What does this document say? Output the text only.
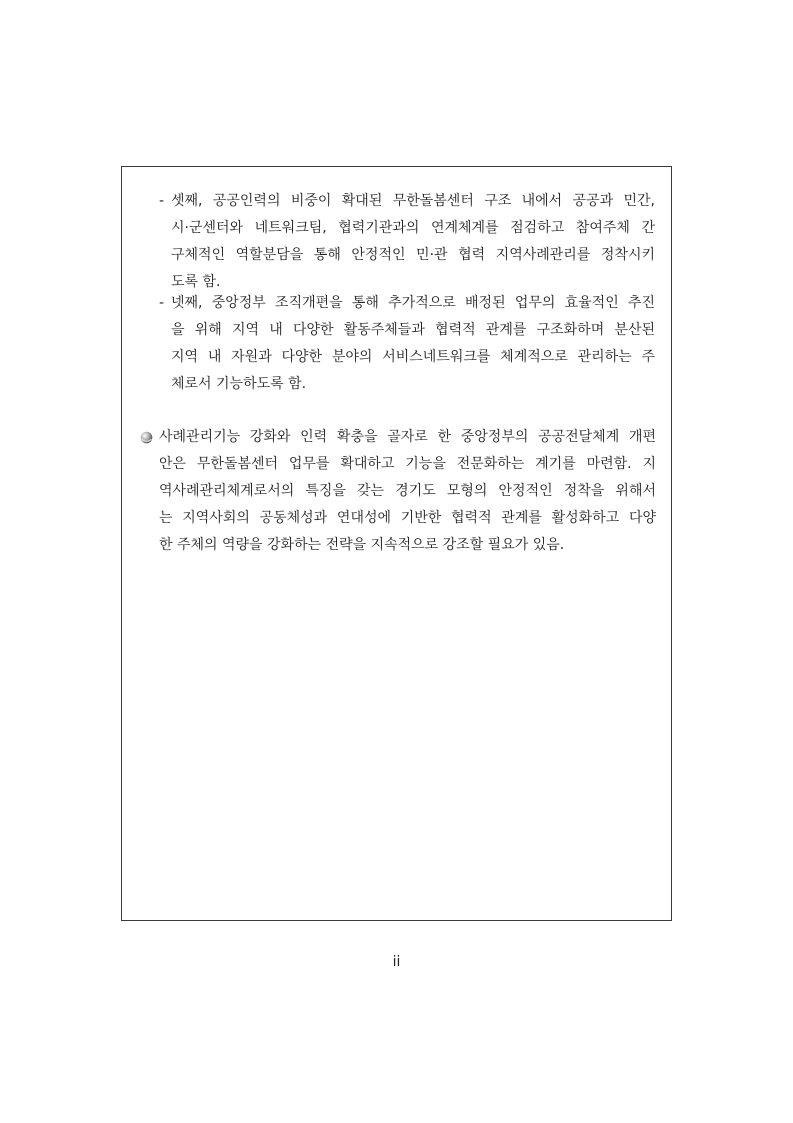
- 셋째, 공공인력의 비중이 확대된 무한돌봄센터 구조 내에서 공공과 민간,
시·군센터와 네트워크팀, 협력기관과의 연계체계를 점검하고 참여주체 간
구체적인 역할분담을 통해 안정적인 민·관 협력 지역사례관리를 정착시키
도록 함.
- 넷째, 중앙정부 조직개편을 통해 추가적으로 배정된 업무의 효율적인 추진
을 위해 지역 내 다양한 활동주체들과 협력적 관계를 구조화하며 분산된
지역 내 자원과 다양한 분야의 서비스네트워크를 체계적으로 관리하는 주
체로서 기능하도록 함.
사례관리기능 강화와 인력 확충을 골자로 한 중앙정부의 공공전달체계 개편
안은 무한돌봄센터 업무를 확대하고 기능을 전문화하는 계기를 마련함. 지
역사례관리체계로서의 특징을 갖는 경기도 모형의 안정적인 정착을 위해서
는 지역사회의 공동체성과 연대성에 기반한 협력적 관계를 활성화하고 다양
한 주체의 역량을 강화하는 전략을 지속적으로 강조할 필요가 있음.
ii
